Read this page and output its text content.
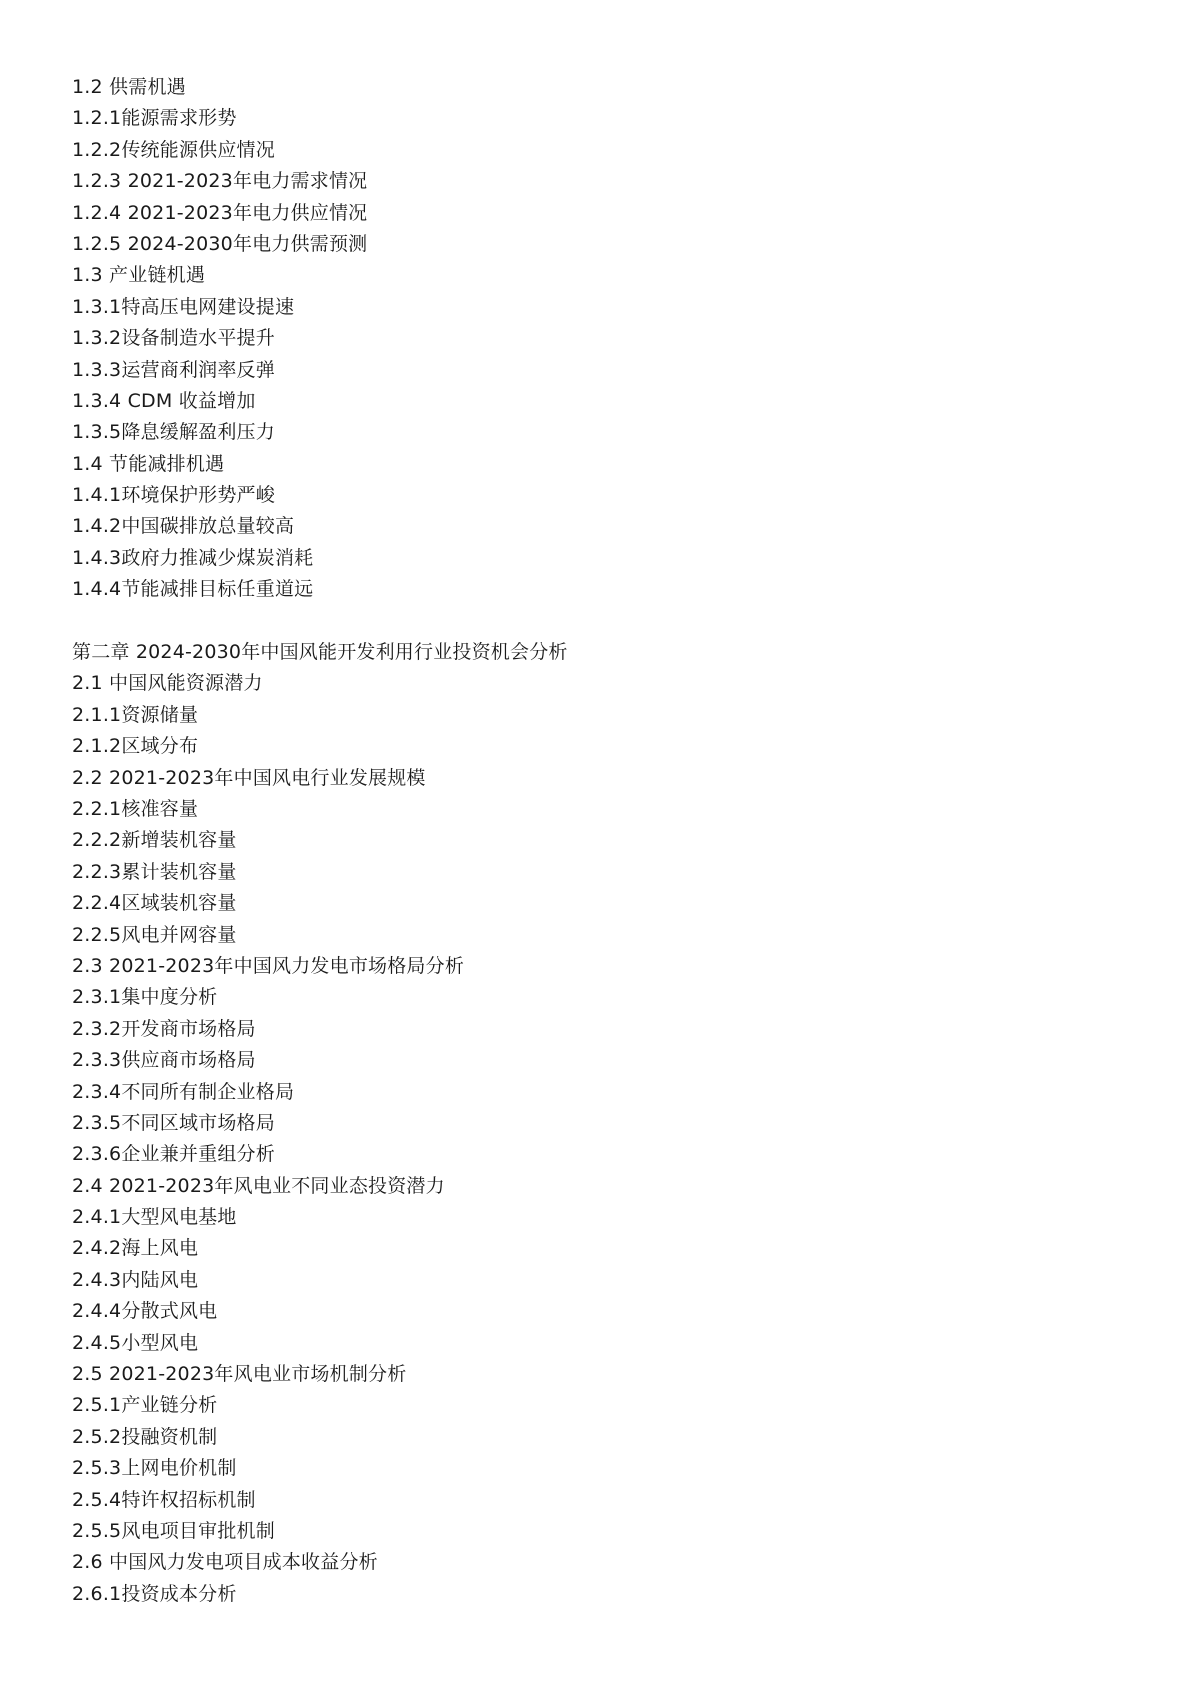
1.2 供需机遇
1.2.1能源需求形势
1.2.2传统能源供应情况
1.2.3 2021-2023年电力需求情况
1.2.4 2021-2023年电力供应情况
1.2.5 2024-2030年电力供需预测
1.3 产业链机遇
1.3.1特高压电网建设提速
1.3.2设备制造水平提升
1.3.3运营商利润率反弹
1.3.4 CDM 收益增加
1.3.5降息缓解盈利压力
1.4 节能减排机遇
1.4.1环境保护形势严峻
1.4.2中国碳排放总量较高
1.4.3政府力推减少煤炭消耗
1.4.4节能减排目标任重道远
第二章 2024-2030年中国风能开发利用行业投资机会分析
2.1 中国风能资源潜力
2.1.1资源储量
2.1.2区域分布
2.2 2021-2023年中国风电行业发展规模
2.2.1核准容量
2.2.2新增装机容量
2.2.3累计装机容量
2.2.4区域装机容量
2.2.5风电并网容量
2.3 2021-2023年中国风力发电市场格局分析
2.3.1集中度分析
2.3.2开发商市场格局
2.3.3供应商市场格局
2.3.4不同所有制企业格局
2.3.5不同区域市场格局
2.3.6企业兼并重组分析
2.4 2021-2023年风电业不同业态投资潜力
2.4.1大型风电基地
2.4.2海上风电
2.4.3内陆风电
2.4.4分散式风电
2.4.5小型风电
2.5 2021-2023年风电业市场机制分析
2.5.1产业链分析
2.5.2投融资机制
2.5.3上网电价机制
2.5.4特许权招标机制
2.5.5风电项目审批机制
2.6 中国风力发电项目成本收益分析
2.6.1投资成本分析
